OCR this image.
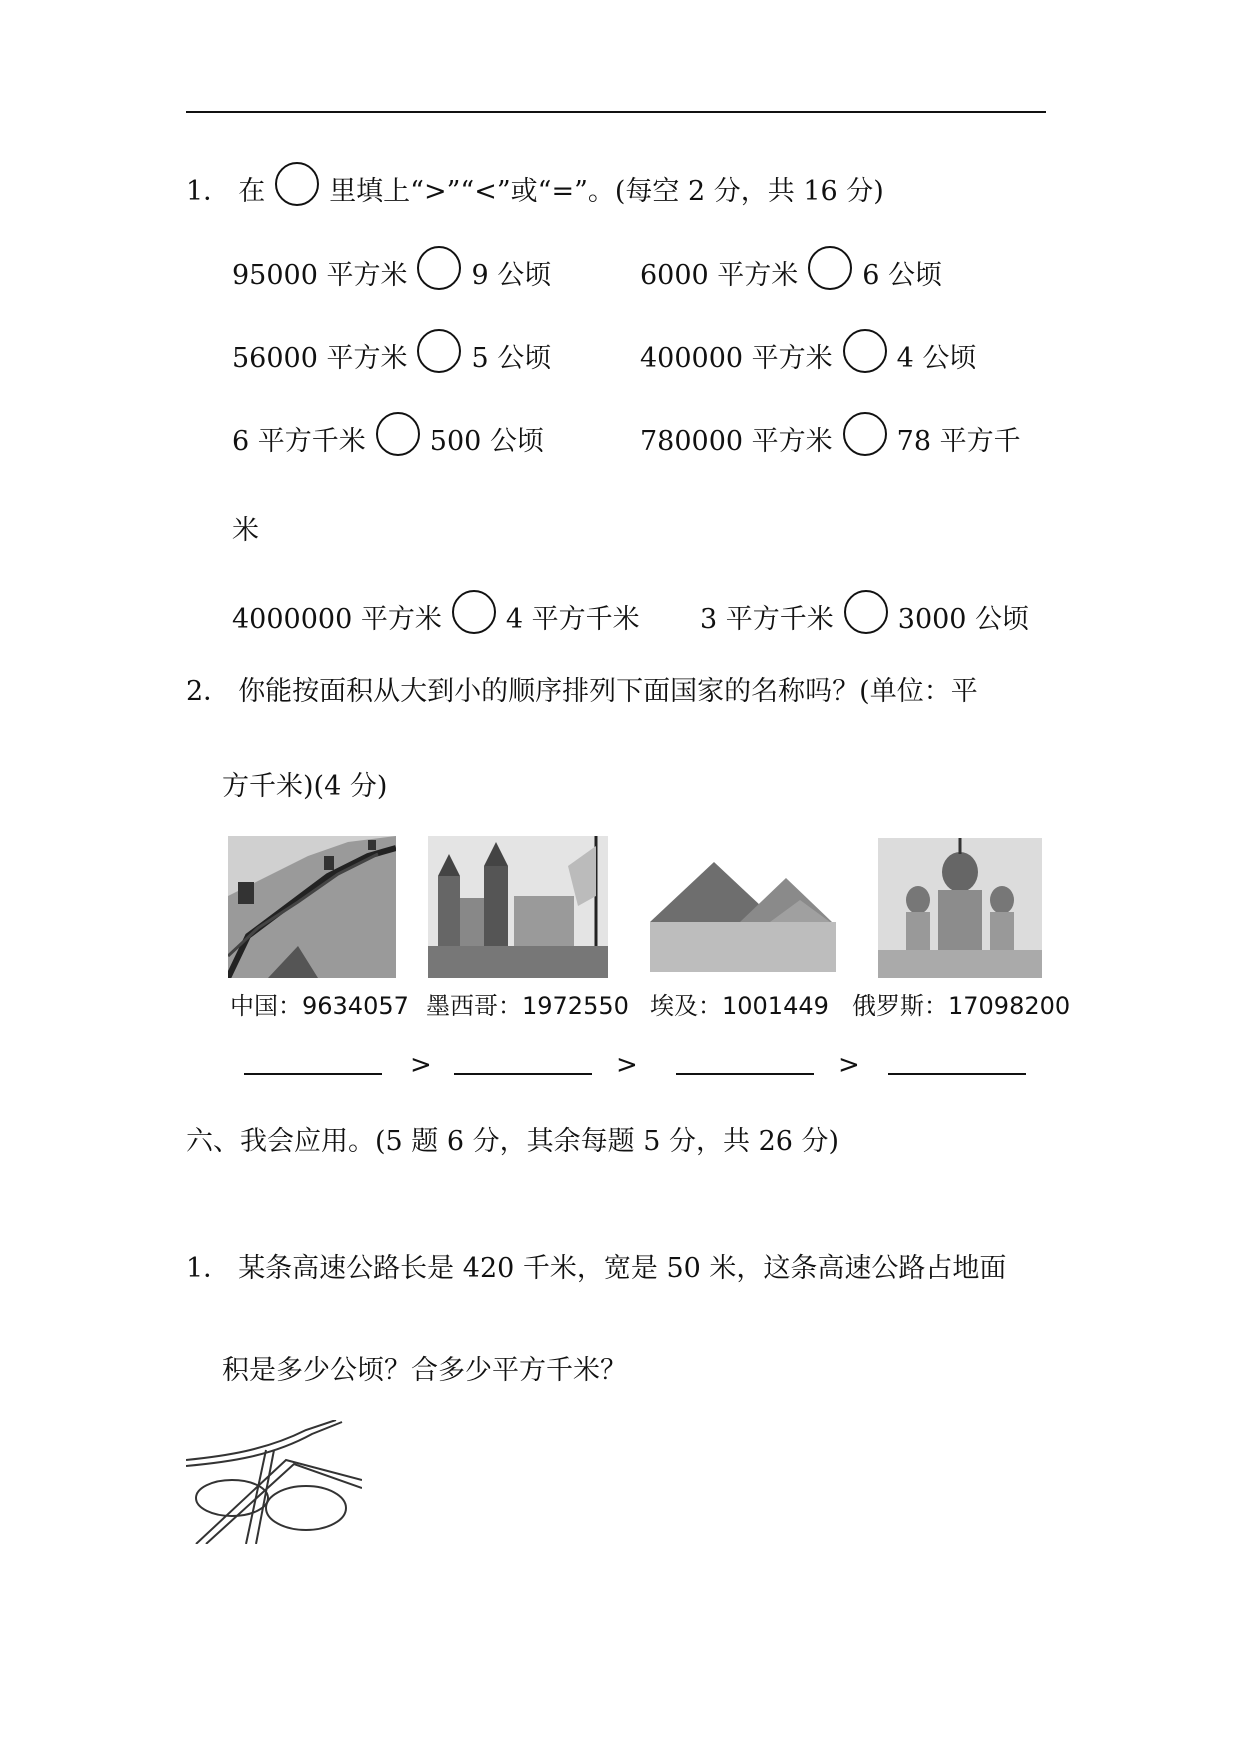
1． 在 里填上“>”“<”或“=”。(每空 2 分，共 16 分)
95000 平方米 9 公顷	6000 平方米 6 公顷
56000 平方米 5 公顷	400000 平方米 4 公顷
6 平方千米 500 公顷	780000 平方米 78 平方千
米
4000000 平方米 4 平方千米 3 平方千米 3000 公顷
2． 你能按面积从大到小的顺序排列下面国家的名称吗？(单位：平
方千米)(4 分)
中国：9634057 墨西哥：1972550 埃及：1001449 俄罗斯：17098200
>	>	>
六、我会应用。(5 题 6 分，其余每题 5 分，共 26 分)
1． 某条高速公路长是 420 千米，宽是 50 米，这条高速公路占地面
积是多少公顷？合多少平方千米？
